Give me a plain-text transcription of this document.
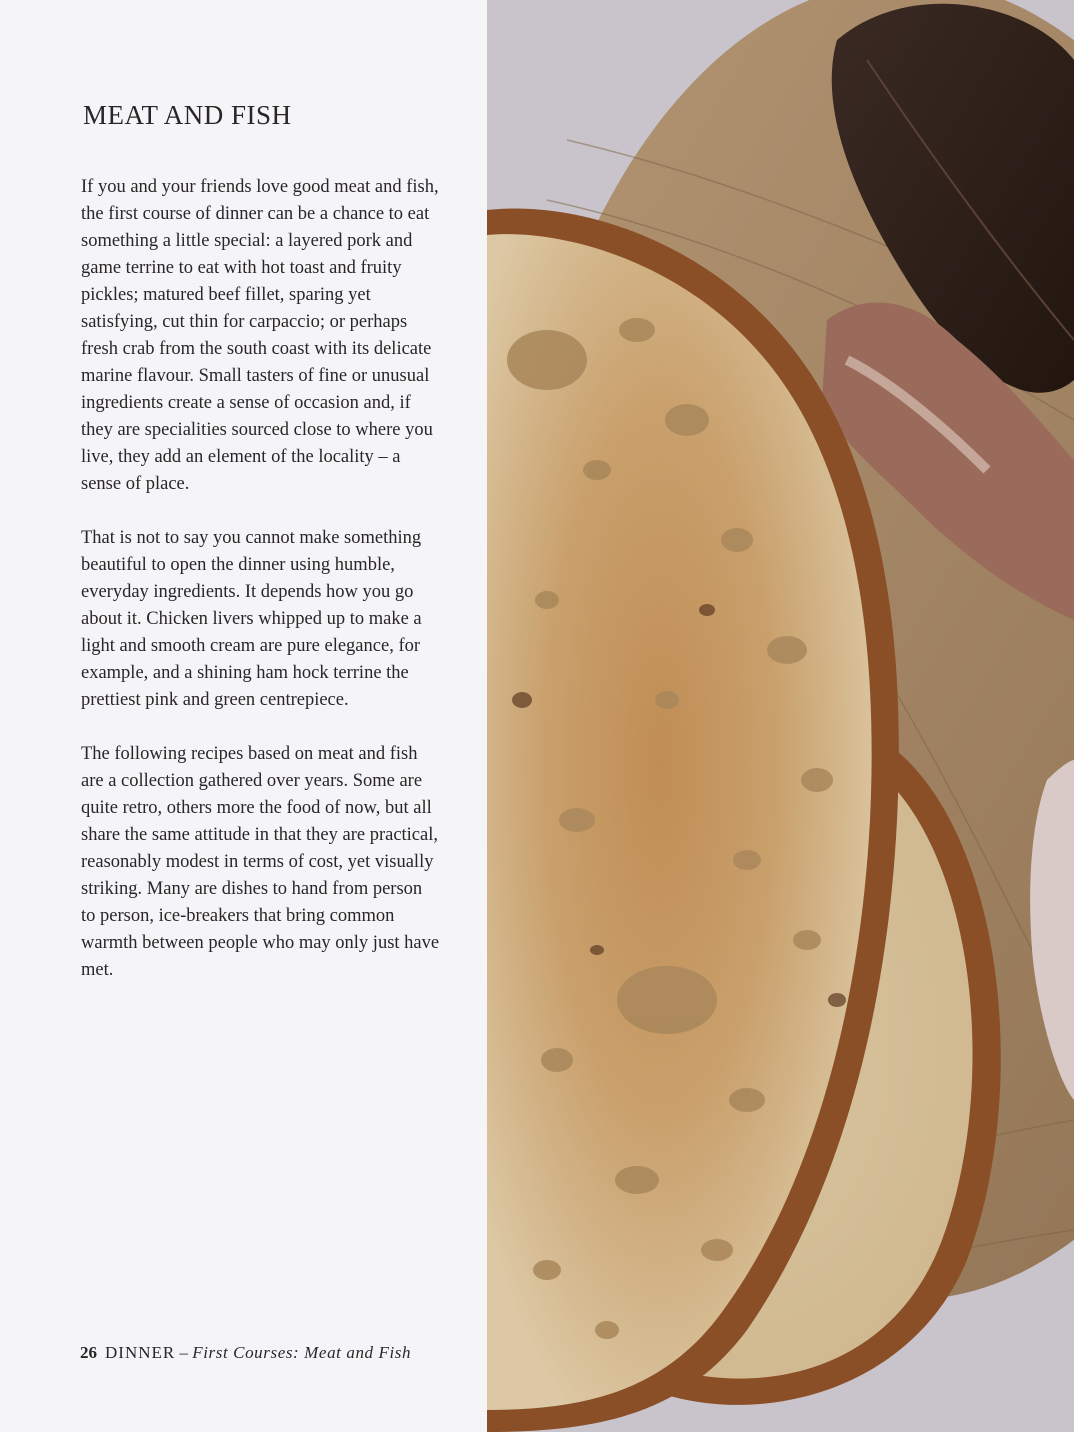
MEAT AND FISH

If you and your friends love good meat and fish, the first course of dinner can be a chance to eat something a little special: a layered pork and game terrine to eat with hot toast and fruity pickles; matured beef fillet, sparing yet satisfying, cut thin for carpaccio; or perhaps fresh crab from the south coast with its delicate marine flavour. Small tasters of fine or unusual ingredients create a sense of occasion and, if they are specialities sourced close to where you live, they add an element of the locality – a sense of place.

That is not to say you cannot make something beautiful to open the dinner using humble, everyday ingredients. It depends how you go about it. Chicken livers whipped up to make a light and smooth cream are pure elegance, for example, and a shining ham hock terrine the prettiest pink and green centrepiece.

The following recipes based on meat and fish are a collection gathered over years. Some are quite retro, others more the food of now, but all share the same attitude in that they are practical, reasonably modest in terms of cost, yet visually striking. Many are dishes to hand from person to person, ice-breakers that bring common warmth between people who may only just have met.

26 DINNER – First Courses: Meat and Fish
